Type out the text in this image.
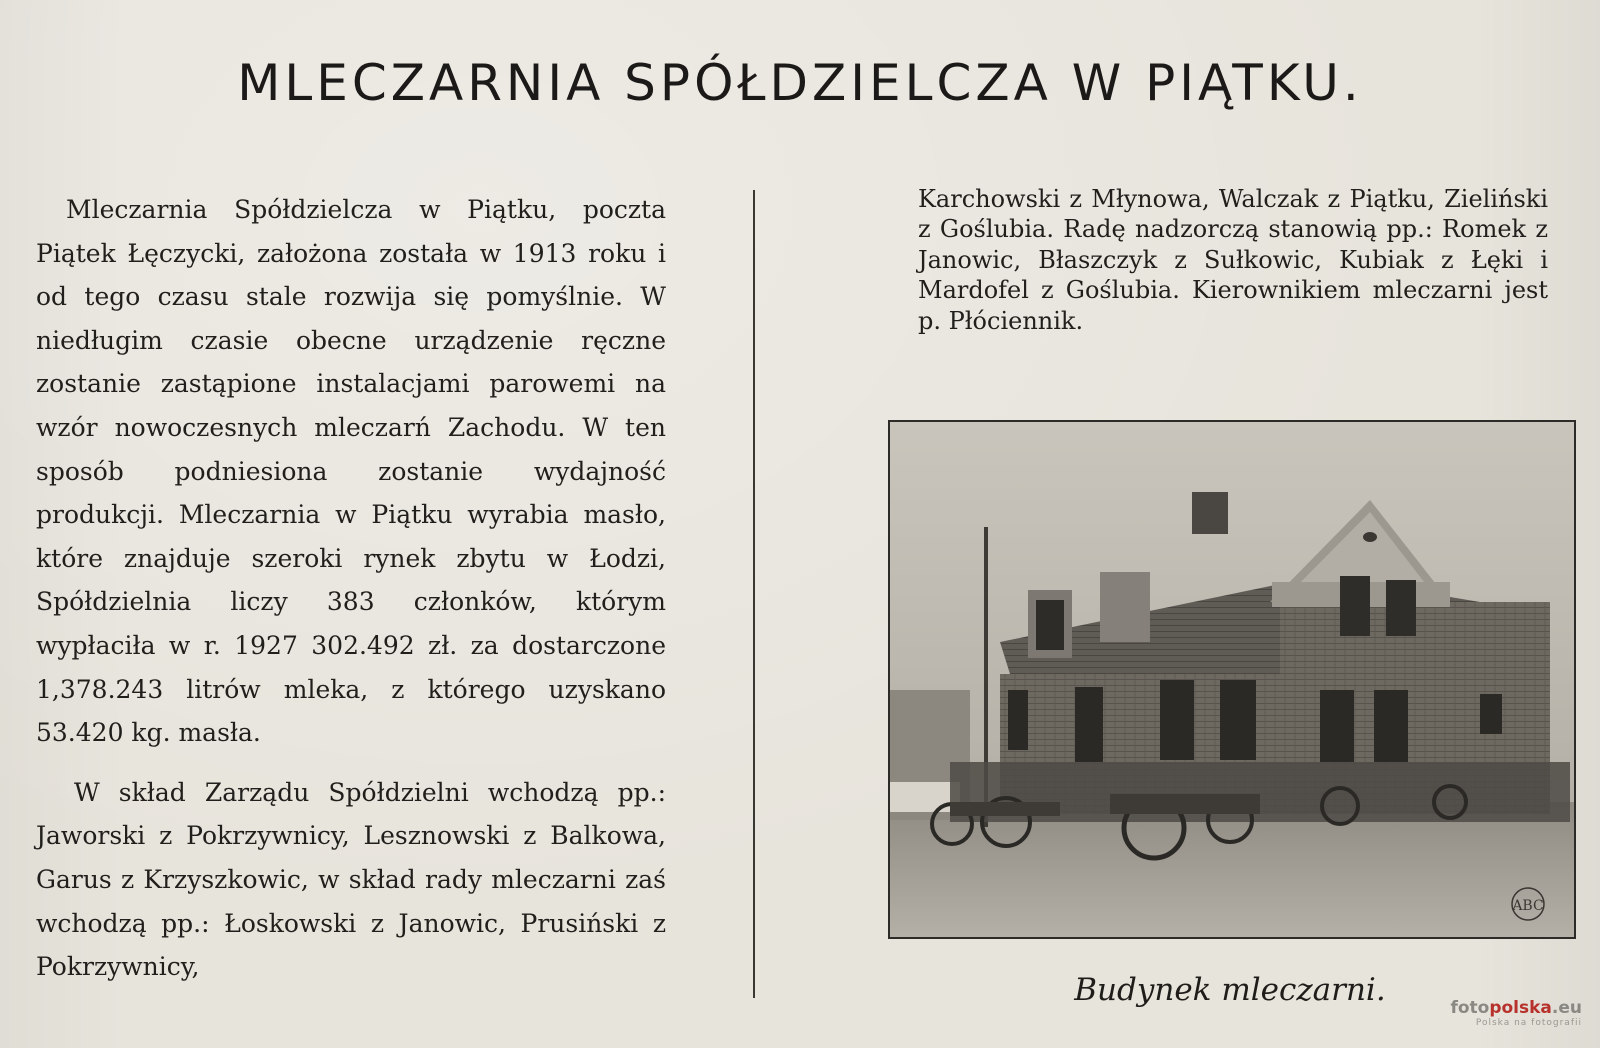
MLECZARNIA SPÓŁDZIELCZA W PIĄTKU.

Mleczarnia Spółdzielcza w Piątku, poczta Piątek Łęczycki, założona została w 1913 roku i od tego czasu stale rozwija się pomyślnie. W niedługim czasie obecne urządzenie ręczne zostanie zastąpione instalacjami parowemi na wzór nowoczesnych mleczarń Zachodu. W ten sposób podniesiona zostanie wydajność produkcji. Mleczarnia w Piątku wyrabia masło, które znajduje szeroki rynek zbytu w Łodzi, Spółdzielnia liczy 383 członków, którym wypłaciła w r. 1927 302.492 zł. za dostarczone 1,378.243 litrów mleka, z którego uzyskano 53.420 kg. masła.

W skład Zarządu Spółdzielni wchodzą pp.: Jaworski z Pokrzywnicy, Lesznowski z Balkowa, Garus z Krzyszkowic, w skład rady mleczarni zaś wchodzą pp.: Łoskowski z Janowic, Prusiński z Pokrzywnicy,

Karchowski z Młynowa, Walczak z Piątku, Zieliński z Goślubia. Radę nadzorczą stanowią pp.: Romek z Janowic, Błaszczyk z Sułkowic, Kubiak z Łęki i Mardofel z Goślubia. Kierownikiem mleczarni jest p. Płóciennik.

ABC
Budynek mleczarni.	fotopolska.eu
Polska na fotografii
